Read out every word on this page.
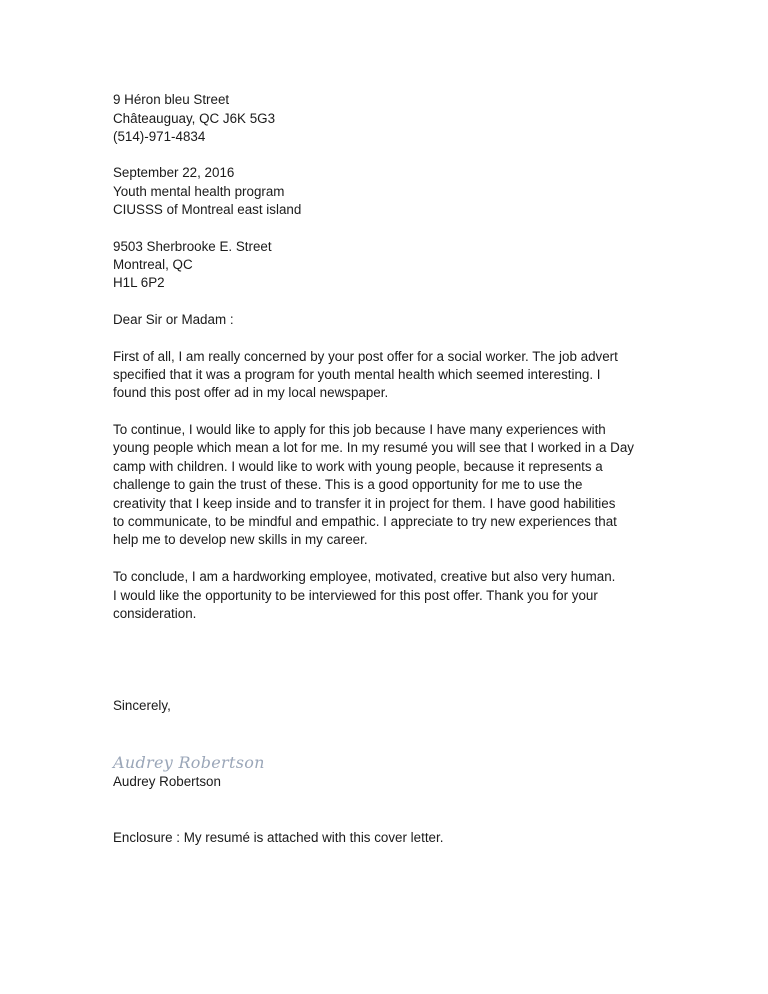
9 Héron bleu Street
Châteauguay, QC J6K 5G3
(514)-971-4834
September 22, 2016
Youth mental health program
CIUSSS of Montreal east island
9503 Sherbrooke E. Street
Montreal, QC
H1L 6P2
Dear Sir or Madam :
First of all, I am really concerned by your post offer for a social worker. The job advert
specified that it was a program for youth mental health which seemed interesting. I
found this post offer ad in my local newspaper.
To continue, I would like to apply for this job because I have many experiences with
young people which mean a lot for me. In my resumé you will see that I worked in a Day
camp with children. I would like to work with young people, because it represents a
challenge to gain the trust of these. This is a good opportunity for me to use the
creativity that I keep inside and to transfer it in project for them. I have good habilities
to communicate, to be mindful and empathic. I appreciate to try new experiences that
help me to develop new skills in my career.
To conclude, I am a hardworking employee, motivated, creative but also very human.
I would like the opportunity to be interviewed for this post offer. Thank you for your
consideration.
Sincerely,
Audrey Robertson
Audrey Robertson
Enclosure : My resumé is attached with this cover letter.
